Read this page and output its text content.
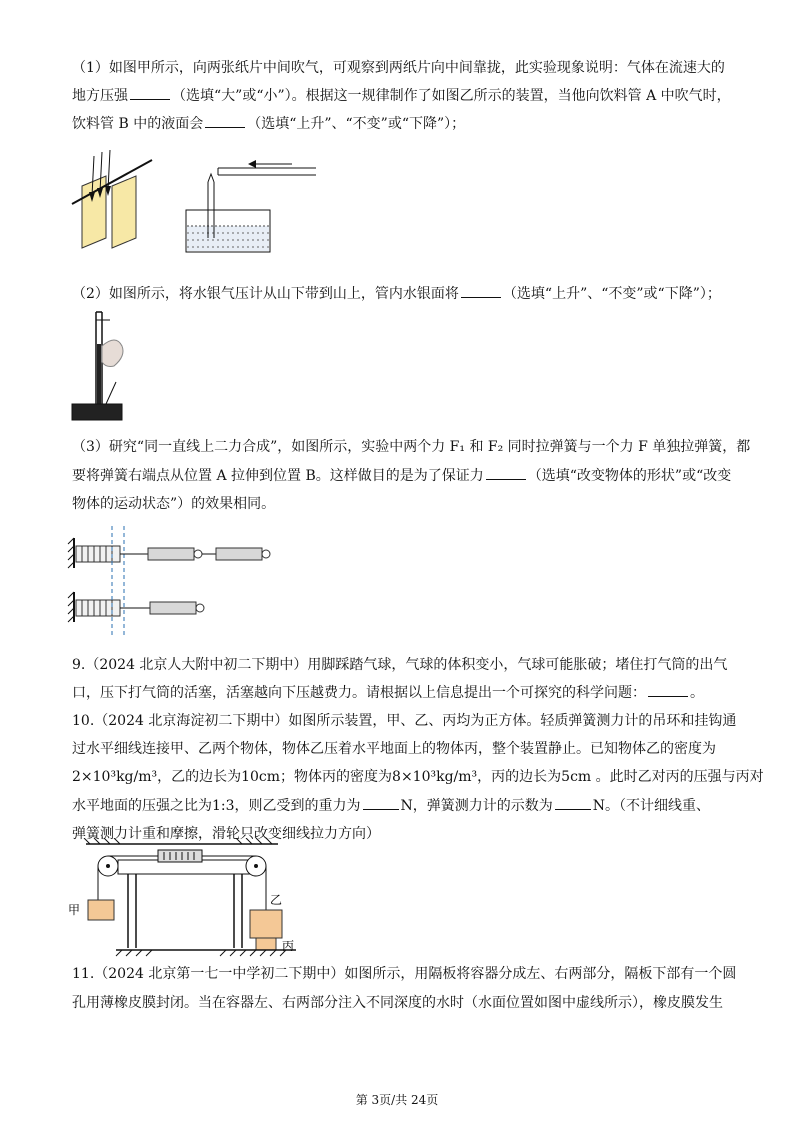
（1）如图甲所示，向两张纸片中间吹气，可观察到两纸片向中间靠拢，此实验现象说明：气体在流速大的
地方压强	（选填“大”或“小”）。根据这一规律制作了如图乙所示的装置，当他向饮料管 A 中吹气时，
饮料管 B 中的液面会	（选填“上升”、“不变”或“下降”）；
（2）如图所示，将水银气压计从山下带到山上，管内水银面将	（选填“上升”、“不变”或“下降”）；
（3）研究“同一直线上二力合成”，如图所示，实验中两个力 F₁ 和 F₂ 同时拉弹簧与一个力 F 单独拉弹簧，都
要将弹簧右端点从位置 A 拉伸到位置 B。这样做目的是为了保证力	（选填“改变物体的形状”或“改变
物体的运动状态”）的效果相同。
9.（2024 北京人大附中初二下期中）用脚踩踏气球，气球的体积变小，气球可能胀破；堵住打气筒的出气
口，压下打气筒的活塞，活塞越向下压越费力。请根据以上信息提出一个可探究的科学问题：	。
10.（2024 北京海淀初二下期中）如图所示装置，甲、乙、丙均为正方体。轻质弹簧测力计的吊环和挂钩通
过水平细线连接甲、乙两个物体，物体乙压着水平地面上的物体丙，整个装置静止。已知物体乙的密度为
2×10³kg/m³，乙的边长为10cm；物体丙的密度为8×10³kg/m³，丙的边长为5cm 。此时乙对丙的压强与丙对
水平地面的压强之比为1:3，则乙受到的重力为	N，弹簧测力计的示数为	N。（不计细线重、
弹簧测力计重和摩擦，滑轮只改变细线拉力方向）
甲
乙
丙
11.（2024 北京第一七一中学初二下期中）如图所示，用隔板将容器分成左、右两部分，隔板下部有一个圆
孔用薄橡皮膜封闭。当在容器左、右两部分注入不同深度的水时（水面位置如图中虚线所示），橡皮膜发生
第 3页/共 24页
